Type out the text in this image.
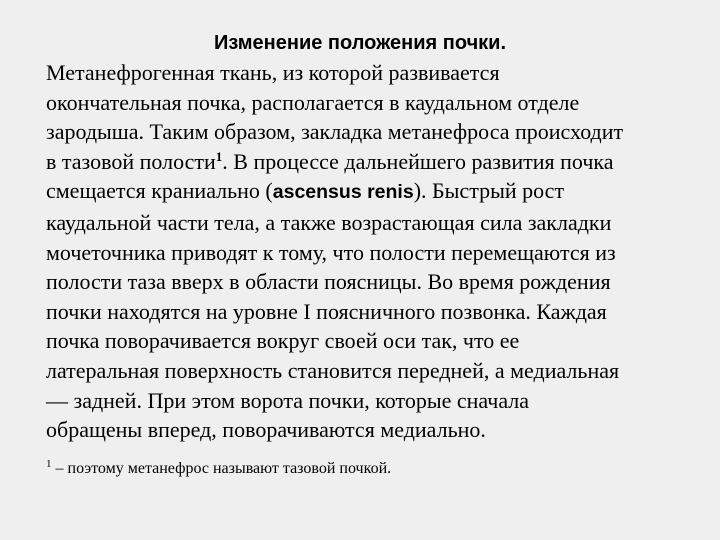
Изменение положения почки.

Метанефрогенная ткань, из которой развивается
окончательная почка, располагается в каудальном отделе
зародыша. Таким образом, закладка метанефроса происходит
в тазовой полости$^1$. В процессе дальнейшего развития почка
смещается краниально (ascensus renis). Быстрый рост
каудальной части тела, а также возрастающая сила закладки
мочеточника приводят к тому, что полости перемещаются из
полости таза вверх в области поясницы. Во время рождения
почки находятся на уровне I поясничного позвонка. Каждая
почка поворачивается вокруг своей оси так, что ее
латеральная поверхность становится передней, а медиальная
— задней. При этом ворота почки, которые сначала
обращены вперед, поворачиваются медиально.

$^1$ – поэтому метанефрос называют тазовой почкой.
